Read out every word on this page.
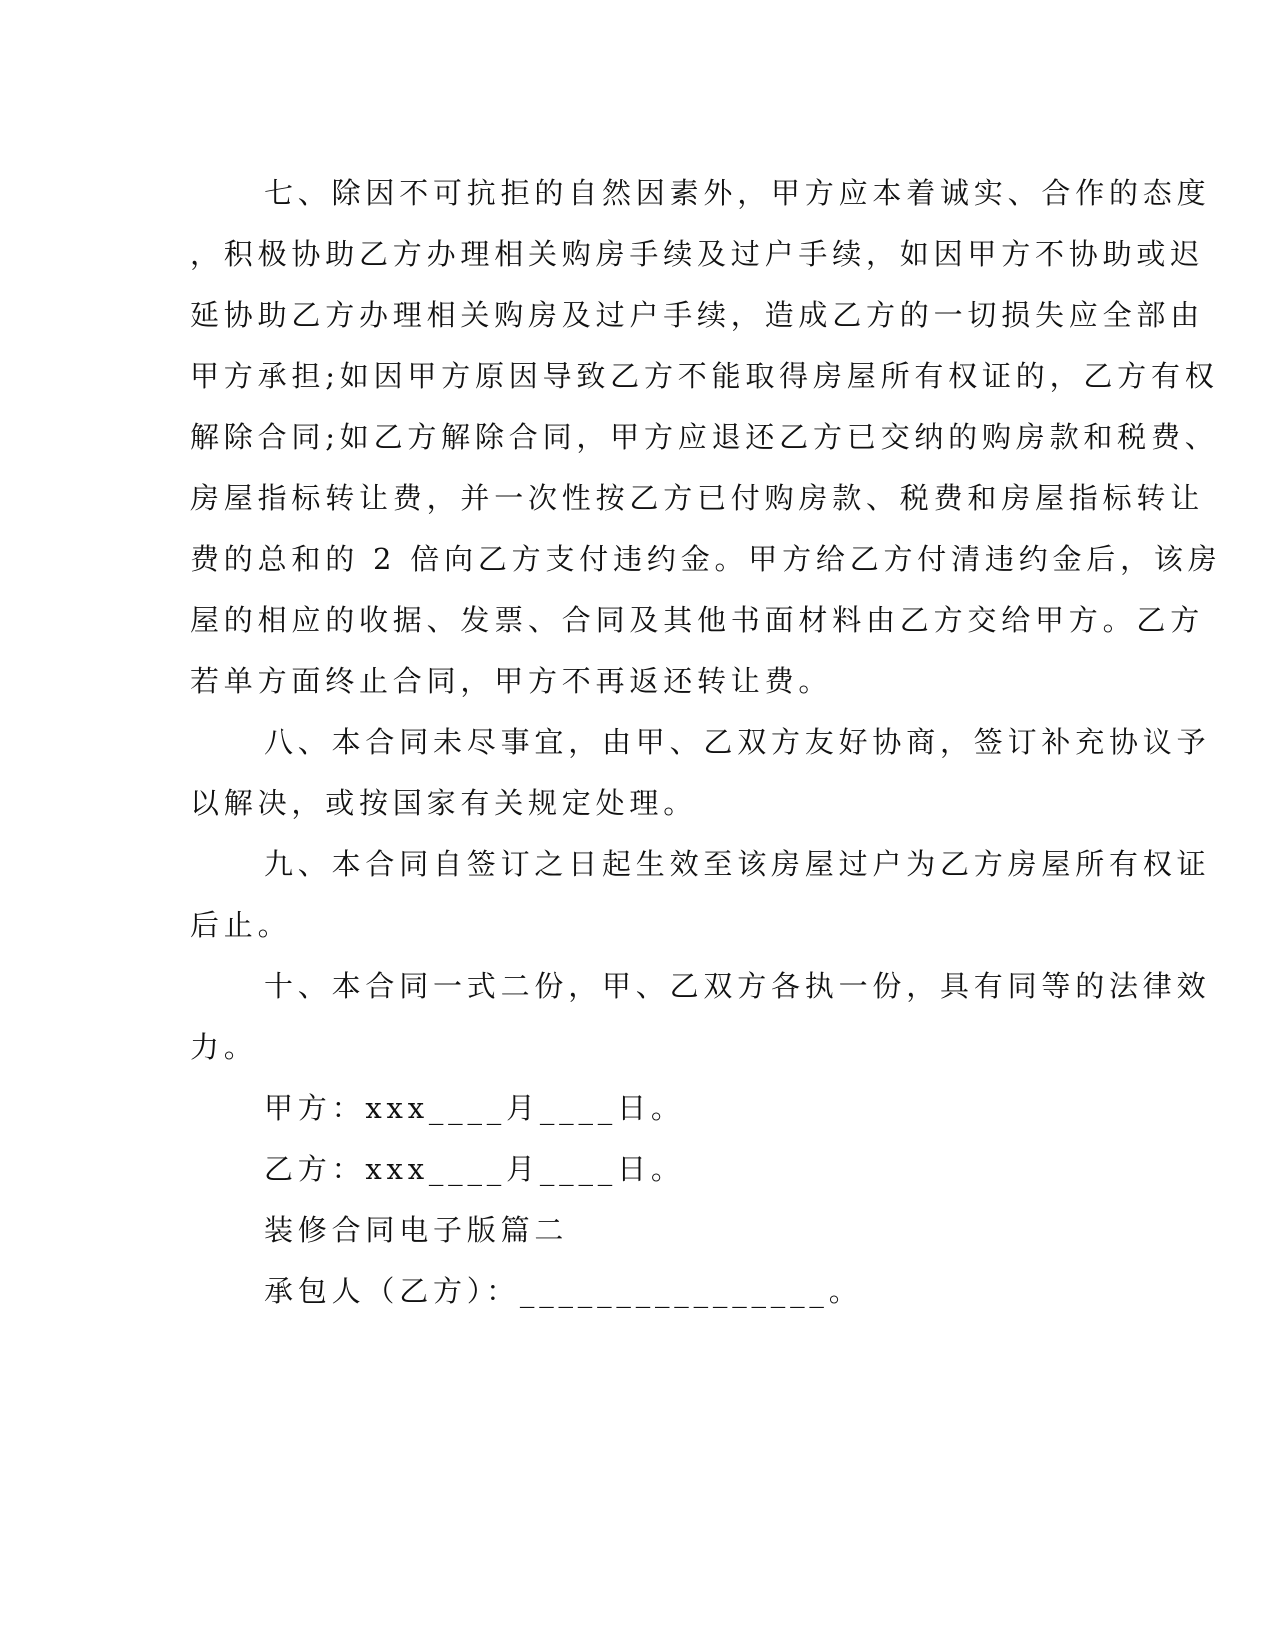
七、除因不可抗拒的自然因素外，甲方应本着诚实、合作的态度
，积极协助乙方办理相关购房手续及过户手续，如因甲方不协助或迟
延协助乙方办理相关购房及过户手续，造成乙方的一切损失应全部由
甲方承担;如因甲方原因导致乙方不能取得房屋所有权证的，乙方有权
解除合同;如乙方解除合同，甲方应退还乙方已交纳的购房款和税费、
房屋指标转让费，并一次性按乙方已付购房款、税费和房屋指标转让
费的总和的 2 倍向乙方支付违约金。甲方给乙方付清违约金后，该房
屋的相应的收据、发票、合同及其他书面材料由乙方交给甲方。乙方
若单方面终止合同，甲方不再返还转让费。

八、本合同未尽事宜，由甲、乙双方友好协商，签订补充协议予
以解决，或按国家有关规定处理。

九、本合同自签订之日起生效至该房屋过户为乙方房屋所有权证
后止。

十、本合同一式二份，甲、乙双方各执一份，具有同等的法律效
力。

甲方：xxx____月____日。

乙方：xxx____月____日。

装修合同电子版篇二

承包人（乙方）：________________。
